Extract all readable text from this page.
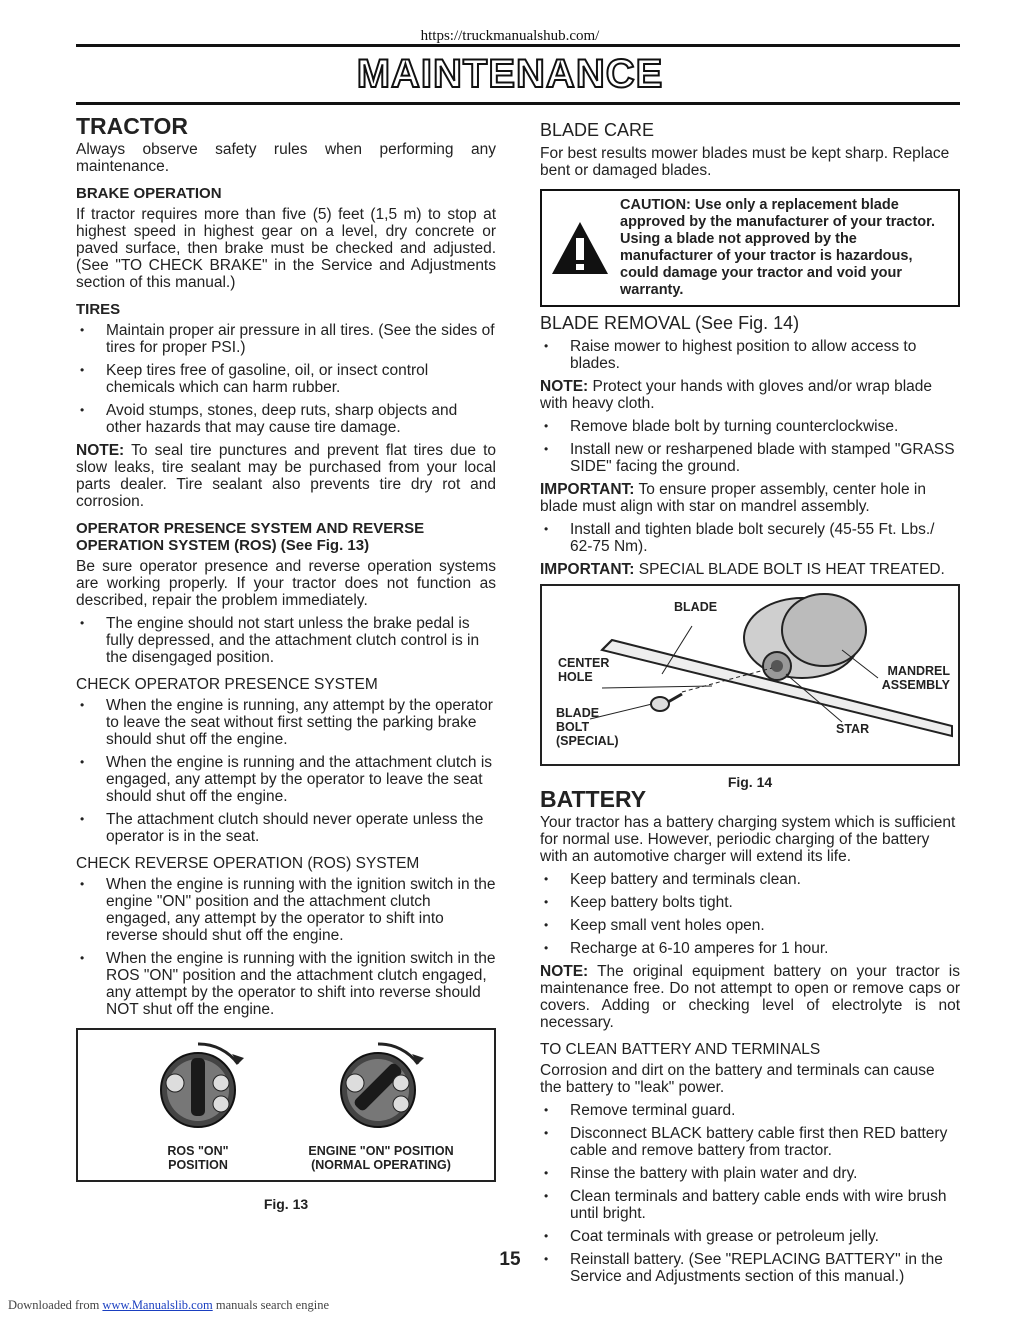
https://truckmanualshub.com/
MAINTENANCE
TRACTOR

Always observe safety rules when performing any maintenance.

BRAKE OPERATION

If tractor requires more than five (5) feet (1,5 m) to stop at highest speed in highest gear on a level, dry concrete or paved surface, then brake must be checked and adjusted. (See "TO CHECK BRAKE" in the Service and Adjustments section of this manual.)

TIRES
• Maintain proper air pressure in all tires. (See the sides of tires for proper PSI.)
• Keep tires free of gasoline, oil, or insect control chemicals which can harm rubber.
• Avoid stumps, stones, deep ruts, sharp objects and other hazards that may cause tire damage.

NOTE: To seal tire punctures and prevent flat tires due to slow leaks, tire sealant may be purchased from your local parts dealer. Tire sealant also prevents tire dry rot and corrosion.

OPERATOR PRESENCE SYSTEM AND REVERSE OPERATION SYSTEM (ROS) (See Fig. 13)

Be sure operator presence and reverse operation systems are working properly. If your tractor does not function as described, repair the problem immediately.

• The engine should not start unless the brake pedal is fully depressed, and the attachment clutch control is in the disengaged position.
CHECK OPERATOR PRESENCE SYSTEM
• When the engine is running, any attempt by the operator to leave the seat without first setting the parking brake should shut off the engine.
• When the engine is running and the attachment clutch is engaged, any attempt by the operator to leave the seat should shut off the engine.
• The attachment clutch should never operate unless the operator is in the seat.
CHECK REVERSE OPERATION (ROS) SYSTEM
• When the engine is running with the ignition switch in the engine "ON" position and the attachment clutch engaged, any attempt by the operator to shift into reverse should shut off the engine.
• When the engine is running with the ignition switch in the ROS "ON" position and the attachment clutch engaged, any attempt by the operator to shift into reverse should NOT shut off the engine.
ROS "ON"
POSITION
ENGINE "ON" POSITION
(NORMAL OPERATING)
Fig. 13
BLADE CARE

For best results mower blades must be kept sharp. Replace bent or damaged blades.

CAUTION: Use only a replacement blade approved by the manufacturer of your tractor. Using a blade not approved by the manufacturer of your tractor is hazardous, could damage your tractor and void your warranty.
BLADE REMOVAL (See Fig. 14)
• Raise mower to highest position to allow access to blades.

NOTE: Protect your hands with gloves and/or wrap blade with heavy cloth.

• Remove blade bolt by turning counterclockwise.
• Install new or resharpened blade with stamped "GRASS SIDE" facing the ground.

IMPORTANT: To ensure proper assembly, center hole in blade must align with star on mandrel assembly.

• Install and tighten blade bolt securely (45-55 Ft. Lbs./ 62-75 Nm).

IMPORTANT: SPECIAL BLADE BOLT IS HEAT TREATED.

BLADE
CENTER
HOLE
BLADE
BOLT
(SPECIAL)
MANDREL
ASSEMBLY
STAR
Fig. 14
BATTERY

Your tractor has a battery charging system which is sufficient for normal use. However, periodic charging of the battery with an automotive charger will extend its life.

• Keep battery and terminals clean.
• Keep battery bolts tight.
• Keep small vent holes open.
• Recharge at 6-10 amperes for 1 hour.

NOTE: The original equipment battery on your tractor is maintenance free. Do not attempt to open or remove caps or covers. Adding or checking level of electrolyte is not necessary.

TO CLEAN BATTERY AND TERMINALS

Corrosion and dirt on the battery and terminals can cause the battery to "leak" power.

• Remove terminal guard.
• Disconnect BLACK battery cable first then RED battery cable and remove battery from tractor.
• Rinse the battery with plain water and dry.
• Clean terminals and battery cable ends with wire brush until bright.
• Coat terminals with grease or petroleum jelly.
• Reinstall battery. (See "REPLACING BATTERY" in the Service and Adjustments section of this manual.)
15
Downloaded from www.Manualslib.com manuals search engine
